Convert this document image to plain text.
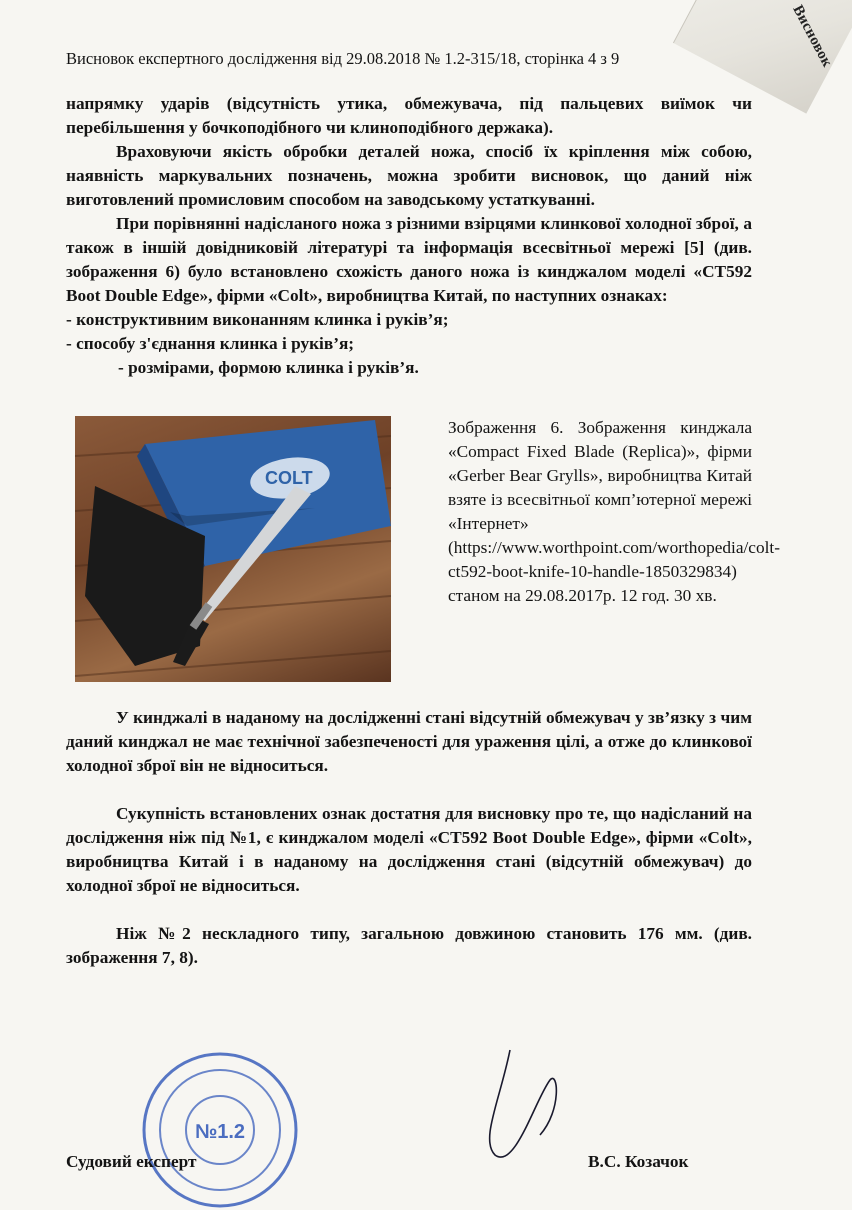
Висновок
Висновок експертного дослідження від 29.08.2018 № 1.2-315/18, сторінка 4 з 9

напрямку ударів (відсутність утика, обмежувача, під пальцевих виїмок чи перебільшення у бочкоподібного чи клиноподібного держака).

Враховуючи якість обробки деталей ножа, спосіб їх кріплення між собою, наявність маркувальних позначень, можна зробити висновок, що даний ніж виготовлений промисловим способом на заводському устаткуванні.

При порівнянні надісланого ножа з різними взірцями клинкової холодної зброї, а також в іншій довідниковій літературі та інформація всесвітньої мережі [5] (див. зображення 6) було встановлено схожість даного ножа із кинджалом моделі «CT592 Boot Double Edge», фірми «Colt», виробництва Китай, по наступних ознаках:

- конструктивним виконанням клинка і руків’я;

- способу з'єднання клинка і руків’я;

- розмірами, формою клинка і руків’я.

COLT
Зображення 6. Зображення кинджала «Compact Fixed Blade (Replica)», фірми «Gerber Bear Grylls», виробництва Китай взяте із всесвітньої комп’ютерної мережі «Інтернет» (https://www.worthpoint.com/worthopedia/colt-ct592-boot-knife-10-handle-1850329834) станом на 29.08.2017р. 12 год. 30 хв.

У кинджалі в наданому на дослідженні стані відсутній обмежувач у зв’язку з чим даний кинджал не має технічної забезпеченості для ураження цілі, а отже до клинкової холодної зброї він не відноситься.

Сукупність встановлених ознак достатня для висновку про те, що надісланий на дослідження ніж під №1, є кинджалом моделі «CT592 Boot Double Edge», фірми «Colt», виробництва Китай і в наданому на дослідження стані (відсутній обмежувач) до холодної зброї не відноситься.

Ніж №2 нескладного типу, загальною довжиною становить 176 мм. (див. зображення 7, 8).

№1.2
Судовий експерт	В.С. Козачок
